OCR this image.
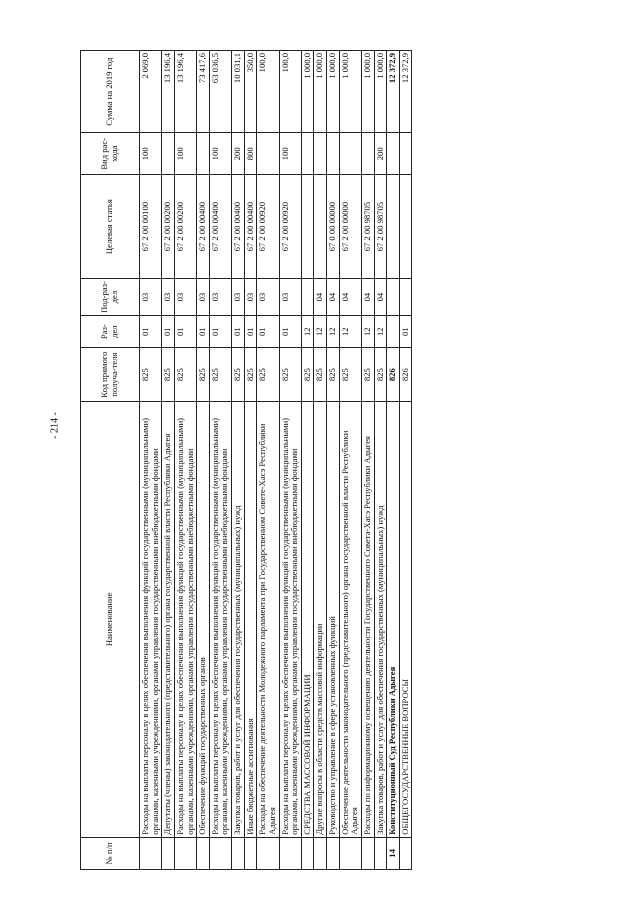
- 214 -
№ п/п	Наименование	Код прямого получа-теля	Раз-дел	Под-раз-дел	Целевая статья	Вид рас-хода	Сумма на 2019 год
	Расходы на выплаты персоналу в целях обеспечения выполнения функций государственными (муниципальными) органами, казенными учреждениями, органами управления государственными внебюджетными фондами	825	01	03	67 2 00 00100	100	2 069,0
	Депутаты (члены) законодательного (представительного) органа государственной власти Республики Адыгея	825	01	03	67 2 00 00200		13 196,4
	Расходы на выплаты персоналу в целях обеспечения выполнения функций государственными (муниципальными) органами, казенными учреждениями, органами управления государственными внебюджетными фондами	825	01	03	67 2 00 00200	100	13 196,4
	Обеспечение функций государственных органов	825	01	03	67 2 00 00400		73 417,6
	Расходы на выплаты персоналу в целях обеспечения выполнения функций государственными (муниципальными) органами, казенными учреждениями, органами управления государственными внебюджетными фондами	825	01	03	67 2 00 00400	100	63 036,5
	Закупка товаров, работ и услуг для обеспечения государственных (муниципальных) нужд	825	01	03	67 2 00 00400	200	10 031,1
	Иные бюджетные ассигнования	825	01	03	67 2 00 00400	800	350,0
	Расходы на обеспечение деятельности Молодежного парламента при Государственном Совете-Хасэ Республики Адыгея	825	01	03	67 2 00 00920		100,0
	Расходы на выплаты персоналу в целях обеспечения выполнения функций государственными (муниципальными) органами, казенными учреждениями, органами управления государственными внебюджетными фондами	825	01	03	67 2 00 00920	100	100,0
	СРЕДСТВА МАССОВОЙ ИНФОРМАЦИИ	825	12				1 000,0
	Другие вопросы в области средств массовой информации	825	12	04			1 000,0
	Руководство и управление в сфере установленных функций	825	12	04	67 0 00 00000		1 000,0
	Обеспечение деятельности законодательного (представительного) органа государственной власти Республики Адыгея	825	12	04	67 2 00 00000		1 000,0
	Расходы по информационному освещению деятельности Государственного Совета-Хасэ Республики Адыгея	825	12	04	67 2 00 98705		1 000,0
	Закупка товаров, работ и услуг для обеспечения государственных (муниципальных) нужд	825	12	04	67 2 00 98705	200	1 000,0
14	Конституционный Суд Республики Адыгея	826					12 372,9
	ОБЩЕГОСУДАРСТВЕННЫЕ ВОПРОСЫ	826	01				12 372,9
